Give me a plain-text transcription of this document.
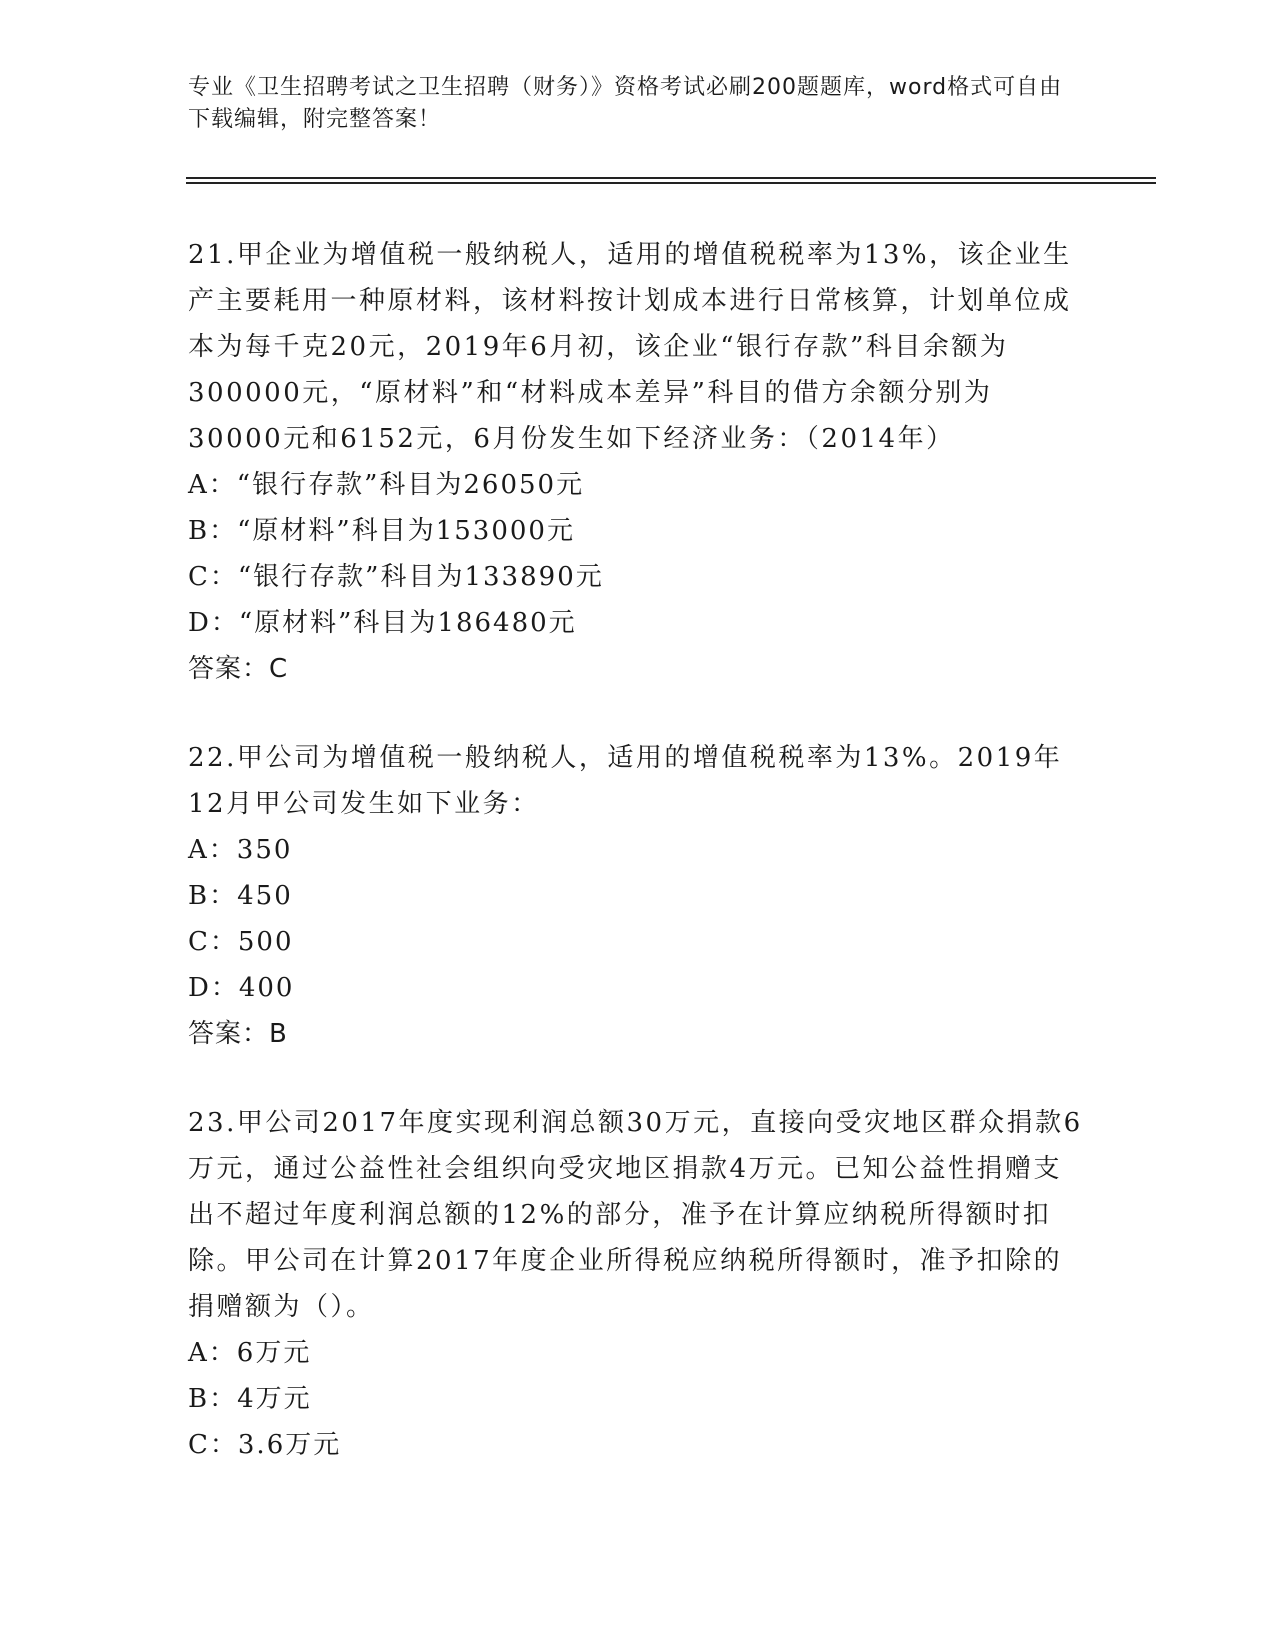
专业《卫生招聘考试之卫生招聘（财务）》资格考试必刷200题题库，word格式可自由下载编辑，附完整答案！

21.甲企业为增值税一般纳税人，适用的增值税税率为13%，该企业生产主要耗用一种原材料，该材料按计划成本进行日常核算，计划单位成本为每千克20元，2019年6月初，该企业“银行存款”科目余额为300000元，“原材料”和“材料成本差异”科目的借方余额分别为30000元和6152元，6月份发生如下经济业务：（2014年）

A：“银行存款”科目为26050元

B：“原材料”科目为153000元

C：“银行存款”科目为133890元

D：“原材料”科目为186480元

答案：C

22.甲公司为增值税一般纳税人，适用的增值税税率为13%。2019年12月甲公司发生如下业务：

A：350

B：450

C：500

D：400

答案：B

23.甲公司2017年度实现利润总额30万元，直接向受灾地区群众捐款6万元，通过公益性社会组织向受灾地区捐款4万元。已知公益性捐赠支出不超过年度利润总额的12%的部分，准予在计算应纳税所得额时扣除。甲公司在计算2017年度企业所得税应纳税所得额时，准予扣除的捐赠额为（）。

A：6万元

B：4万元

C：3.6万元
